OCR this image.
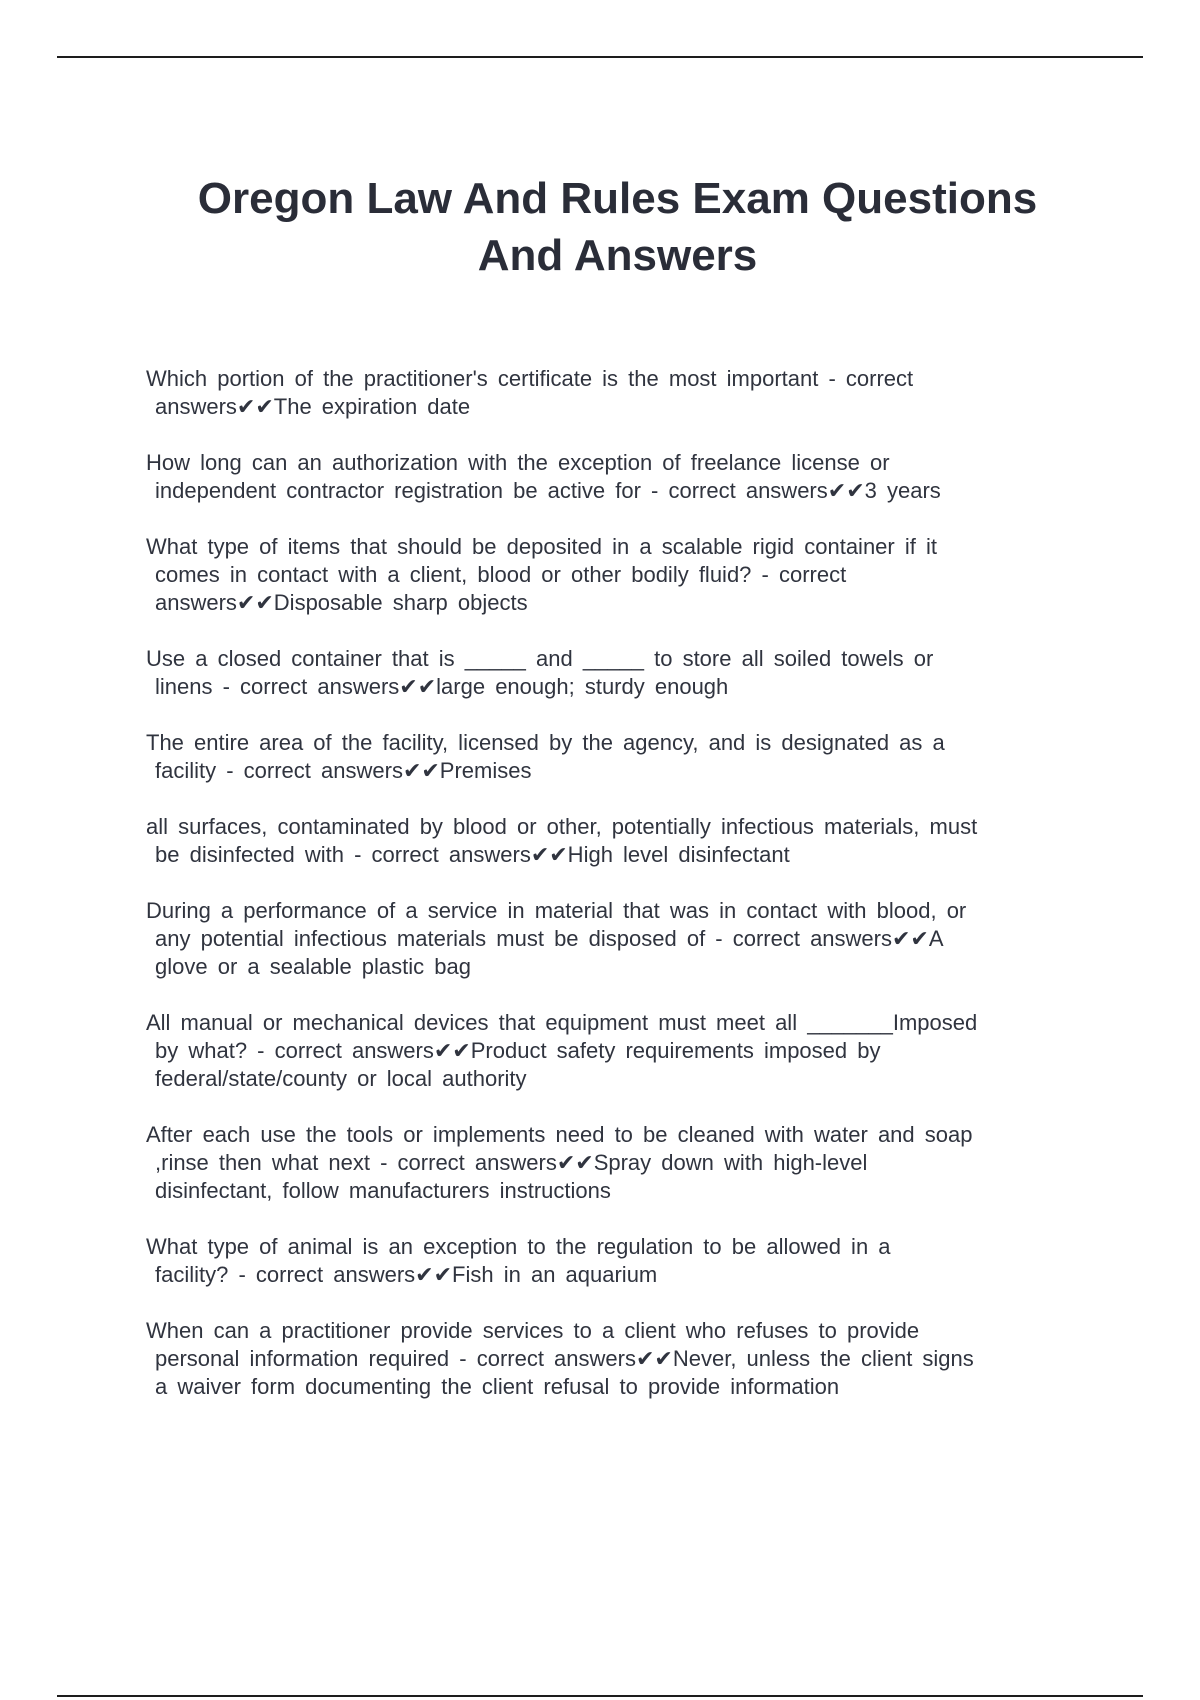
Oregon Law And Rules Exam Questions
And Answers
Which portion of the practitioner's certificate is the most important - correct
answers✔✔The expiration date
How long can an authorization with the exception of freelance license or
independent contractor registration be active for - correct answers✔✔3 years
What type of items that should be deposited in a scalable rigid container if it
comes in contact with a client, blood or other bodily fluid? - correct
answers✔✔Disposable sharp objects
Use a closed container that is _____ and _____ to store all soiled towels or
linens - correct answers✔✔large enough; sturdy enough
The entire area of the facility, licensed by the agency, and is designated as a
facility - correct answers✔✔Premises
all surfaces, contaminated by blood or other, potentially infectious materials, must
be disinfected with - correct answers✔✔High level disinfectant
During a performance of a service in material that was in contact with blood, or
any potential infectious materials must be disposed of - correct answers✔✔A
glove or a sealable plastic bag
All manual or mechanical devices that equipment must meet all _______Imposed
by what? - correct answers✔✔Product safety requirements imposed by
federal/state/county or local authority
After each use the tools or implements need to be cleaned with water and soap
,rinse then what next - correct answers✔✔Spray down with high-level
disinfectant, follow manufacturers instructions
What type of animal is an exception to the regulation to be allowed in a
facility? - correct answers✔✔Fish in an aquarium
When can a practitioner provide services to a client who refuses to provide
personal information required - correct answers✔✔Never, unless the client signs
a waiver form documenting the client refusal to provide information
